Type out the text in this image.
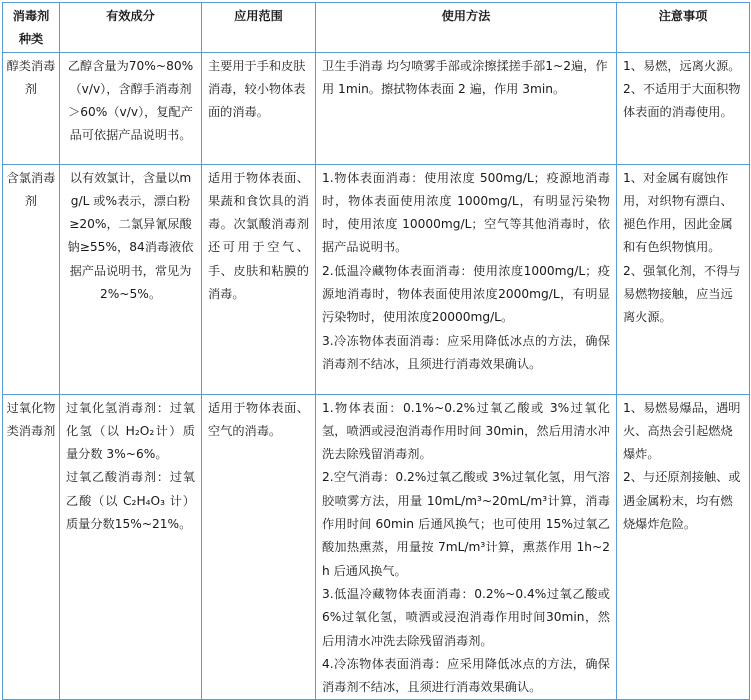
消毒剂种类	有效成分	应用范围	使用方法	注意事项
醇类消毒剂	乙醇含量为70%~80%（v/v），含醇手消毒剂＞60%（v/v），复配产品可依据产品说明书。	主要用于手和皮肤消毒，较小物体表面的消毒。	卫生手消毒 均匀喷雾手部或涂擦揉搓手部1~2遍，作用 1min。擦拭物体表面 2 遍，作用 3min。	1、易燃，远离火源。
2、不适用于大面积物体表面的消毒使用。

含氯消毒剂	以有效氯计，含量以mg/L 或%表示，漂白粉≥20%，二氯异氰尿酸钠≥55%，84消毒液依据产品说明书，常见为 2%~5%。	适用于物体表面、果蔬和食饮具的消毒。次氯酸消毒剂还可用于空气、手、皮肤和粘膜的消毒。	1.物体表面消毒：使用浓度 500mg/L；疫源地消毒时，物体表面使用浓度 1000mg/L，有明显污染物时，使用浓度 10000mg/L；空气等其他消毒时，依据产品说明书。
2.低温冷藏物体表面消毒：使用浓度1000mg/L；疫源地消毒时，物体表面使用浓度2000mg/L，有明显污染物时，使用浓度20000mg/L。
3.冷冻物体表面消毒：应采用降低冰点的方法，确保消毒剂不结冰，且须进行消毒效果确认。	1、对金属有腐蚀作用，对织物有漂白、褪色作用，因此金属和有色织物慎用。
2、强氧化剂，不得与易燃物接触，应当远离火源。

过氧化物类消毒剂	过氧化氢消毒剂：过氧化氢（以 H₂O₂计）质量分数 3%~6%。
过氧乙酸消毒剂：过氧乙酸（以 C₂H₄O₃ 计）质量分数15%~21%。	适用于物体表面、空气的消毒。	1.物体表面：0.1%~0.2%过氧乙酸或 3%过氧化氢，喷洒或浸泡消毒作用时间 30min，然后用清水冲洗去除残留消毒剂。
2.空气消毒：0.2%过氧乙酸或 3%过氧化氢，用气溶胶喷雾方法，用量 10mL/m³~20mL/m³计算，消毒作用时间 60min 后通风换气；也可使用 15%过氧乙酸加热熏蒸，用量按 7mL/m³计算，熏蒸作用 1h~2h 后通风换气。
3.低温冷藏物体表面消毒：0.2%~0.4%过氧乙酸或 6%过氧化氢，喷洒或浸泡消毒作用时间30min，然后用清水冲洗去除残留消毒剂。
4.冷冻物体表面消毒：应采用降低冰点的方法，确保消毒剂不结冰，且须进行消毒效果确认。	1、易燃易爆品，遇明火、高热会引起燃烧爆炸。
2、与还原剂接触、或遇金属粉末，均有燃烧爆炸危险。
